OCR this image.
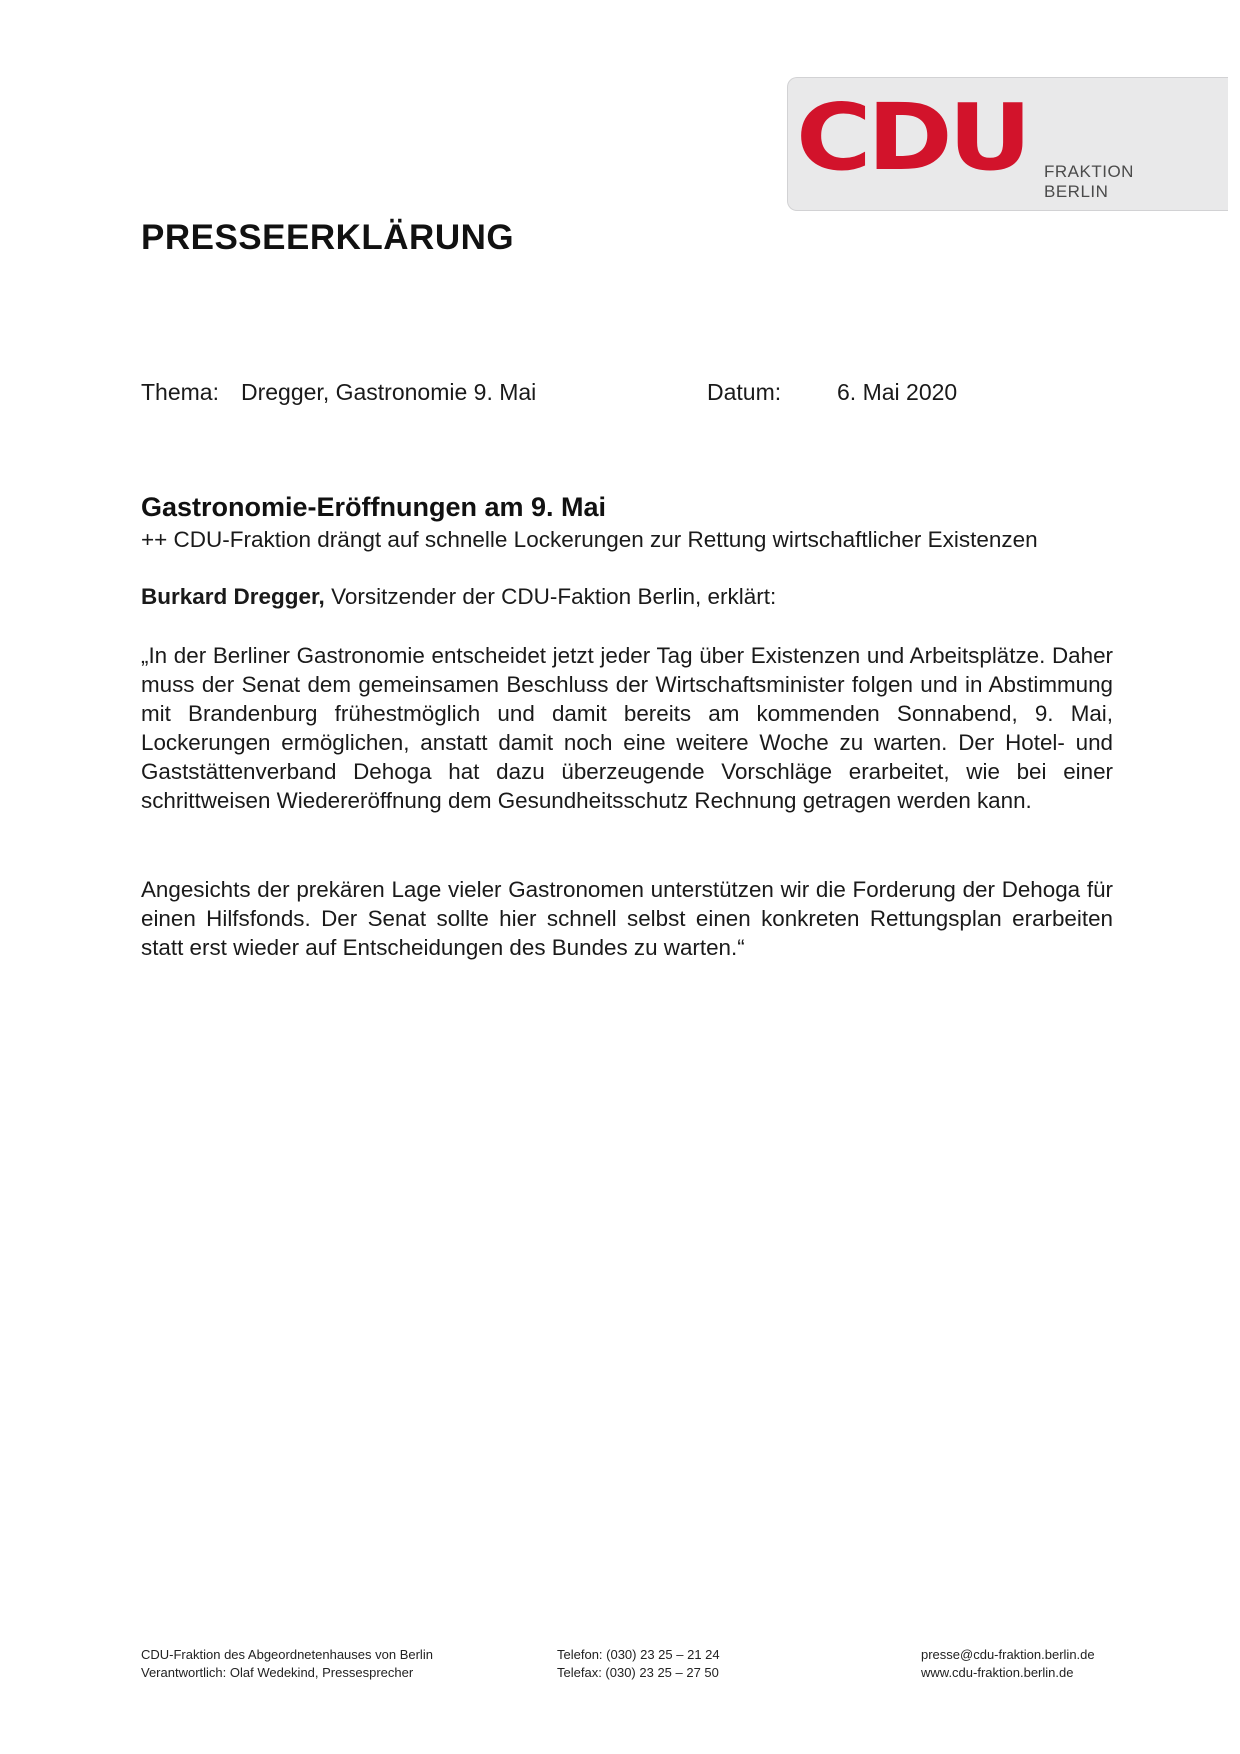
CDU FRAKTION
BERLIN
PRESSEERKLÄRUNG
Thema: Dregger, Gastronomie 9. Mai	Datum: 6. Mai 2020
Gastronomie-Eröffnungen am 9. Mai
++ CDU-Fraktion drängt auf schnelle Lockerungen zur Rettung wirtschaftlicher Existenzen
Burkard Dregger, Vorsitzender der CDU-Faktion Berlin, erklärt:

„In der Berliner Gastronomie entscheidet jetzt jeder Tag über Existenzen und Arbeitsplätze. Daher muss der Senat dem gemeinsamen Beschluss der Wirtschaftsminister folgen und in Abstimmung mit Brandenburg frühestmöglich und damit bereits am kommenden Sonnabend, 9. Mai, Lockerungen ermöglichen, anstatt damit noch eine weitere Woche zu warten. Der Hotel- und Gaststättenverband Dehoga hat dazu überzeugende Vorschläge erarbeitet, wie bei einer schrittweisen Wiedereröffnung dem Gesundheitsschutz Rechnung getragen werden kann.

Angesichts der prekären Lage vieler Gastronomen unterstützen wir die Forderung der Dehoga für einen Hilfsfonds. Der Senat sollte hier schnell selbst einen konkreten Rettungsplan erarbeiten statt erst wieder auf Entscheidungen des Bundes zu warten.“

CDU-Fraktion des Abgeordnetenhauses von Berlin
Verantwortlich: Olaf Wedekind, Pressesprecher
Telefon: (030) 23 25 – 21 24
Telefax: (030) 23 25 – 27 50
presse@cdu-fraktion.berlin.de
www.cdu-fraktion.berlin.de
